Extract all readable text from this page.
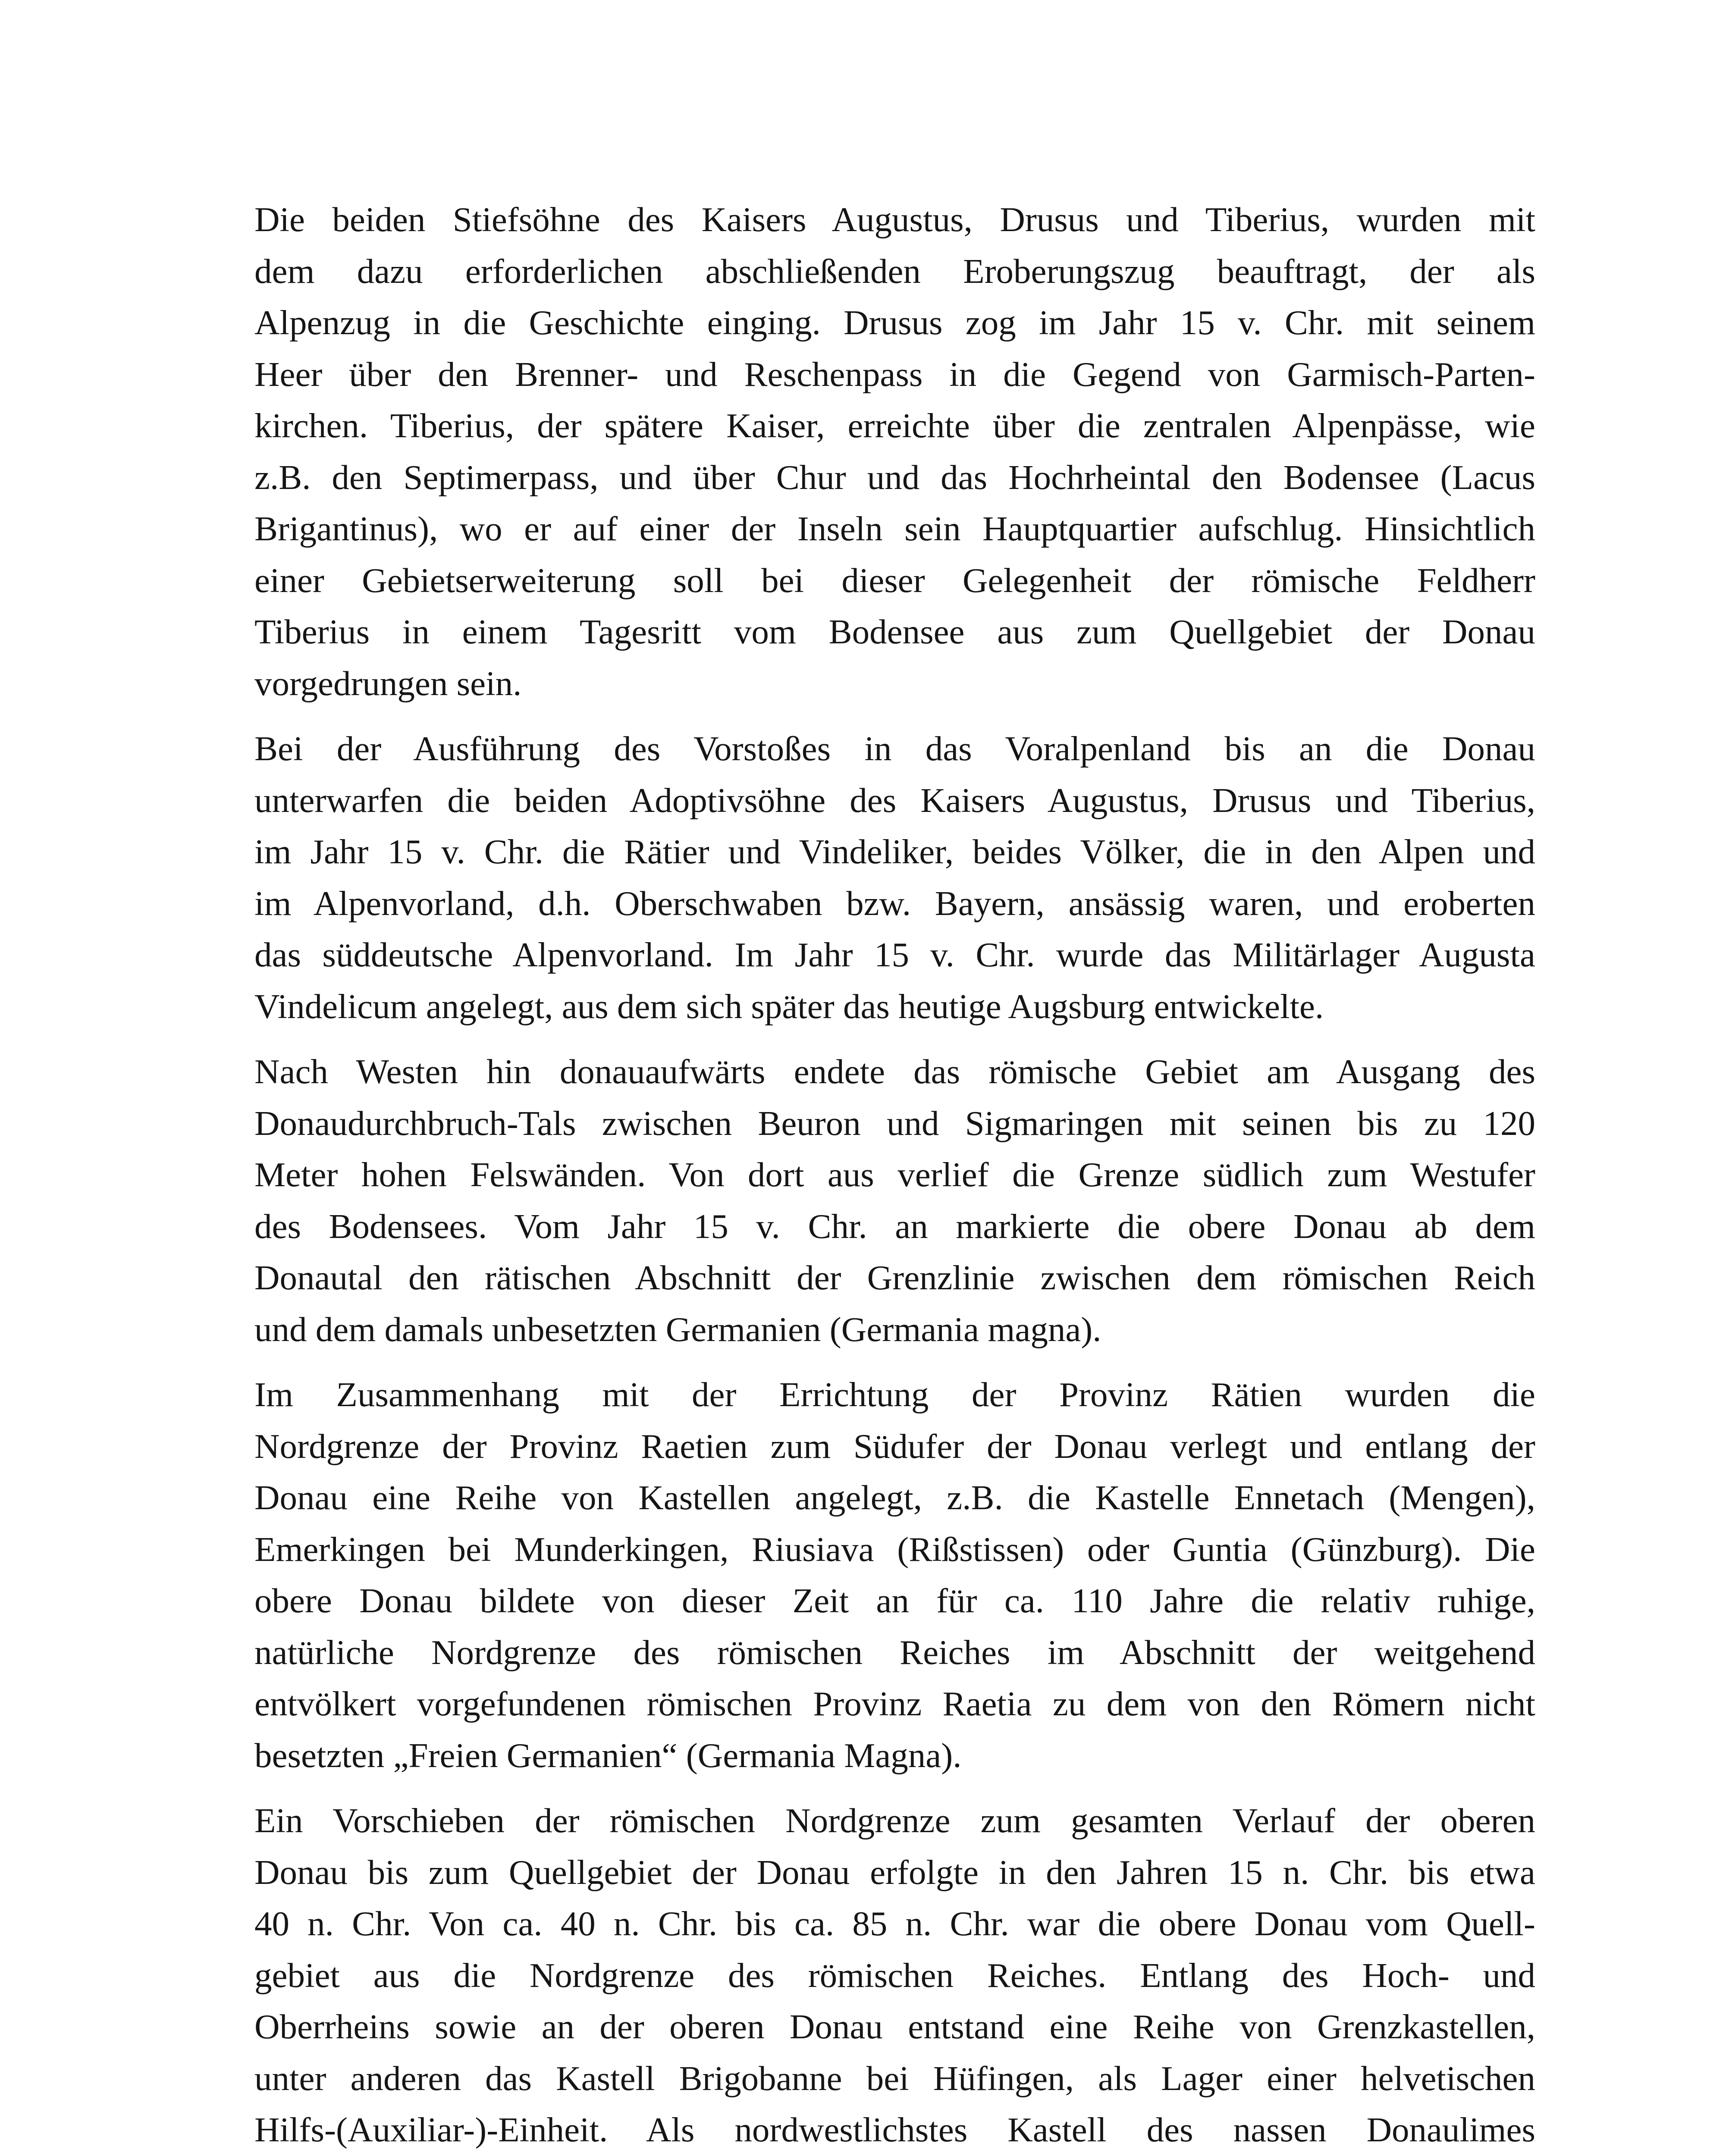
Die beiden Stiefsöhne des Kaisers Augustus, Drusus und Tiberius, wurden mit
dem dazu erforderlichen abschließenden Eroberungszug beauftragt, der als
Alpenzug in die Geschichte einging. Drusus zog im Jahr 15 v. Chr. mit seinem
Heer über den Brenner- und Reschenpass in die Gegend von Garmisch-Parten-
kirchen. Tiberius, der spätere Kaiser, erreichte über die zentralen Alpenpässe, wie
z.B. den Septimerpass, und über Chur und das Hochrheintal den Bodensee (Lacus
Brigantinus), wo er auf einer der Inseln sein Hauptquartier aufschlug. Hinsichtlich
einer Gebietserweiterung soll bei dieser Gelegenheit der römische Feldherr
Tiberius in einem Tagesritt vom Bodensee aus zum Quellgebiet der Donau
vorgedrungen sein.

Bei der Ausführung des Vorstoßes in das Voralpenland bis an die Donau
unterwarfen die beiden Adoptivsöhne des Kaisers Augustus, Drusus und Tiberius,
im Jahr 15 v. Chr. die Rätier und Vindeliker, beides Völker, die in den Alpen und
im Alpenvorland, d.h. Oberschwaben bzw. Bayern, ansässig waren, und eroberten
das süddeutsche Alpenvorland. Im Jahr 15 v. Chr. wurde das Militärlager Augusta
Vindelicum angelegt, aus dem sich später das heutige Augsburg entwickelte.

Nach Westen hin donauaufwärts endete das römische Gebiet am Ausgang des
Donaudurchbruch-Tals zwischen Beuron und Sigmaringen mit seinen bis zu 120
Meter hohen Felswänden. Von dort aus verlief die Grenze südlich zum Westufer
des Bodensees. Vom Jahr 15 v. Chr. an markierte die obere Donau ab dem
Donautal den rätischen Abschnitt der Grenzlinie zwischen dem römischen Reich
und dem damals unbesetzten Germanien (Germania magna).

Im Zusammenhang mit der Errichtung der Provinz Rätien wurden die
Nordgrenze der Provinz Raetien zum Südufer der Donau verlegt und entlang der
Donau eine Reihe von Kastellen angelegt, z.B. die Kastelle Ennetach (Mengen),
Emerkingen bei Munderkingen, Riusiava (Rißstissen) oder Guntia (Günzburg). Die
obere Donau bildete von dieser Zeit an für ca. 110 Jahre die relativ ruhige,
natürliche Nordgrenze des römischen Reiches im Abschnitt der weitgehend
entvölkert vorgefundenen römischen Provinz Raetia zu dem von den Römern nicht
besetzten „Freien Germanien“ (Germania Magna).

Ein Vorschieben der römischen Nordgrenze zum gesamten Verlauf der oberen
Donau bis zum Quellgebiet der Donau erfolgte in den Jahren 15 n. Chr. bis etwa
40 n. Chr. Von ca. 40 n. Chr. bis ca. 85 n. Chr. war die obere Donau vom Quell-
gebiet aus die Nordgrenze des römischen Reiches. Entlang des Hoch- und
Oberrheins sowie an der oberen Donau entstand eine Reihe von Grenzkastellen,
unter anderen das Kastell Brigobanne bei Hüfingen, als Lager einer helvetischen
Hilfs-(Auxiliar-)-Einheit. Als nordwestlichstes Kastell des nassen Donaulimes
